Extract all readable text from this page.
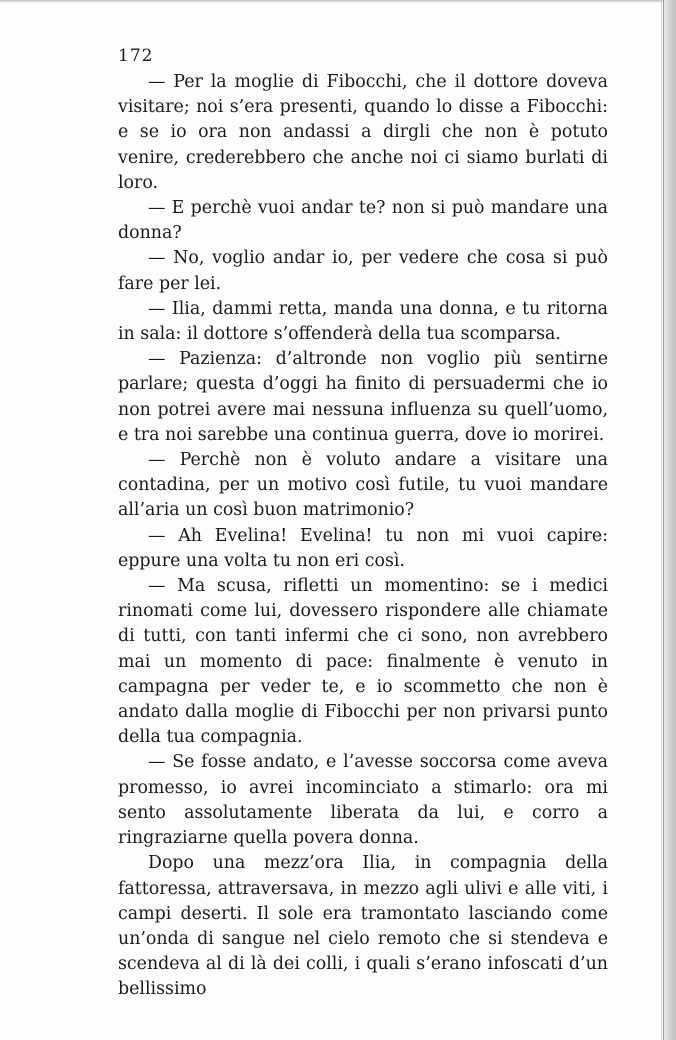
172

— Per la moglie di Fibocchi, che il dottore doveva visitare; noi s’era presenti, quando lo disse a Fibocchi: e se io ora non andassi a dirgli che non è potuto venire, crederebbero che anche noi ci siamo burlati di loro.

— E perchè vuoi andar te? non si può mandare una donna?

— No, voglio andar io, per vedere che cosa si può fare per lei.

— Ilia, dammi retta, manda una donna, e tu ritorna in sala: il dottore s’offenderà della tua scomparsa.

— Pazienza: d’altronde non voglio più sentirne parlare; questa d’oggi ha finito di persuadermi che io non potrei avere mai nessuna influenza su quell’uomo, e tra noi sarebbe una continua guerra, dove io morirei.

— Perchè non è voluto andare a visitare una contadina, per un motivo così futile, tu vuoi mandare all’aria un così buon matrimonio?

— Ah Evelina! Evelina! tu non mi vuoi capire: eppure una volta tu non eri così.

— Ma scusa, rifletti un momentino: se i medici rinomati come lui, dovessero rispondere alle chiamate di tutti, con tanti infermi che ci sono, non avrebbero mai un momento di pace: finalmente è venuto in campagna per veder te, e io scommetto che non è andato dalla moglie di Fibocchi per non privarsi punto della tua compagnia.

— Se fosse andato, e l’avesse soccorsa come aveva promesso, io avrei incominciato a stimarlo: ora mi sento assolutamente liberata da lui, e corro a ringraziarne quella povera donna.

Dopo una mezz’ora Ilia, in compagnia della fattoressa, attraversava, in mezzo agli ulivi e alle viti, i campi deserti. Il sole era tramontato lasciando come un’onda di sangue nel cielo remoto che si stendeva e scendeva al di là dei colli, i quali s’erano infoscati d’un bellissimo
